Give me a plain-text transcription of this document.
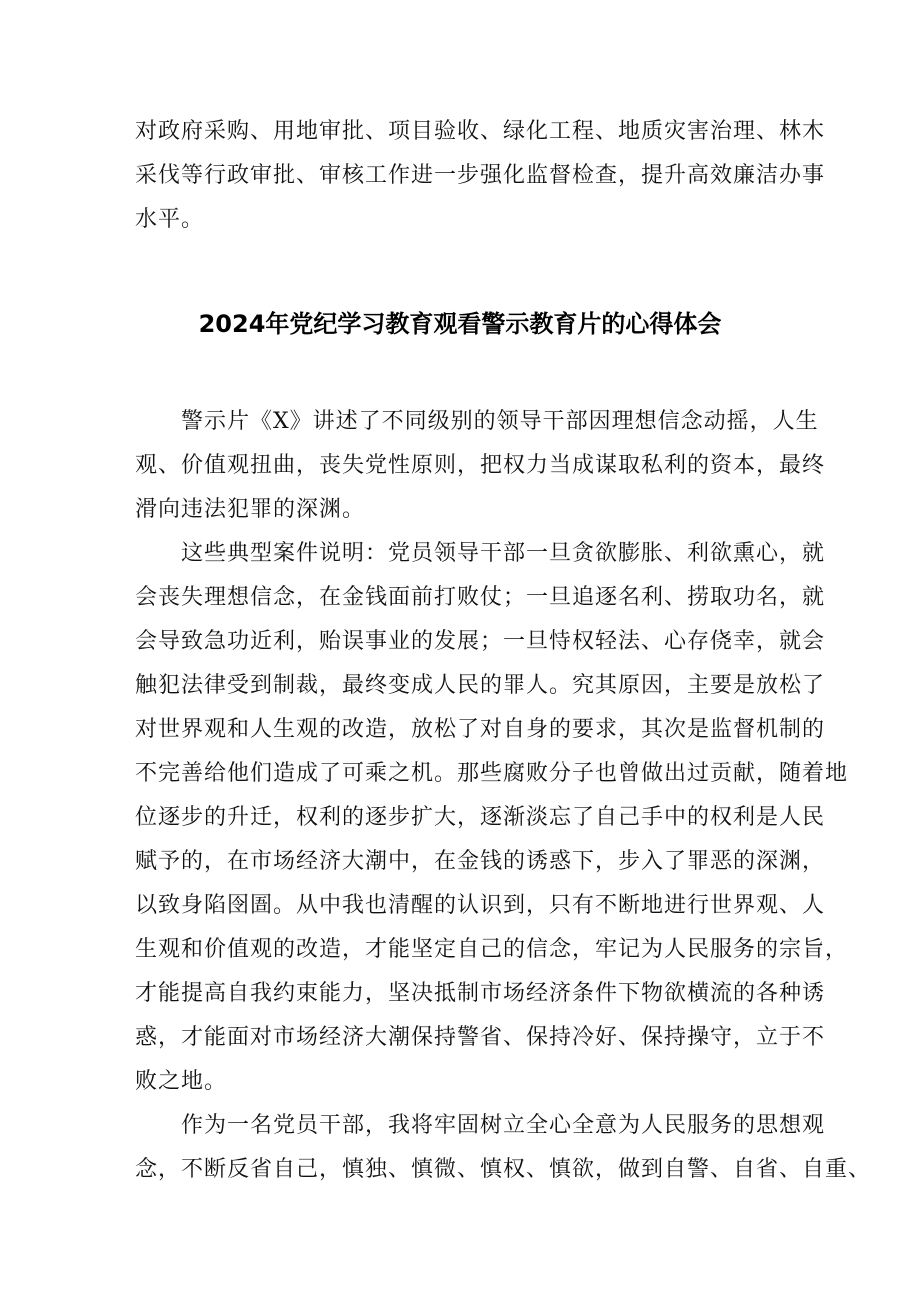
对政府采购、用地审批、项目验收、绿化工程、地质灾害治理、林木
采伐等行政审批、审核工作进一步强化监督检查，提升高效廉洁办事
水平。
2024年党纪学习教育观看警示教育片的心得体会
　　警示片《X》讲述了不同级别的领导干部因理想信念动摇，人生
观、价值观扭曲，丧失党性原则，把权力当成谋取私利的资本，最终
滑向违法犯罪的深渊。
　　这些典型案件说明：党员领导干部一旦贪欲膨胀、利欲熏心，就
会丧失理想信念，在金钱面前打败仗；一旦追逐名利、捞取功名，就
会导致急功近利，贻误事业的发展；一旦恃权轻法、心存侥幸，就会
触犯法律受到制裁，最终变成人民的罪人。究其原因，主要是放松了
对世界观和人生观的改造，放松了对自身的要求，其次是监督机制的
不完善给他们造成了可乘之机。那些腐败分子也曾做出过贡献，随着地
位逐步的升迁，权利的逐步扩大，逐渐淡忘了自己手中的权利是人民
赋予的，在市场经济大潮中，在金钱的诱惑下，步入了罪恶的深渊，
以致身陷囹圄。从中我也清醒的认识到，只有不断地进行世界观、人
生观和价值观的改造，才能坚定自己的信念，牢记为人民服务的宗旨，
才能提高自我约束能力，坚决抵制市场经济条件下物欲横流的各种诱
惑，才能面对市场经济大潮保持警省、保持冷好、保持操守，立于不
败之地。
　　作为一名党员干部，我将牢固树立全心全意为人民服务的思想观
念，不断反省自己，慎独、慎微、慎权、慎欲，做到自警、自省、自重、
